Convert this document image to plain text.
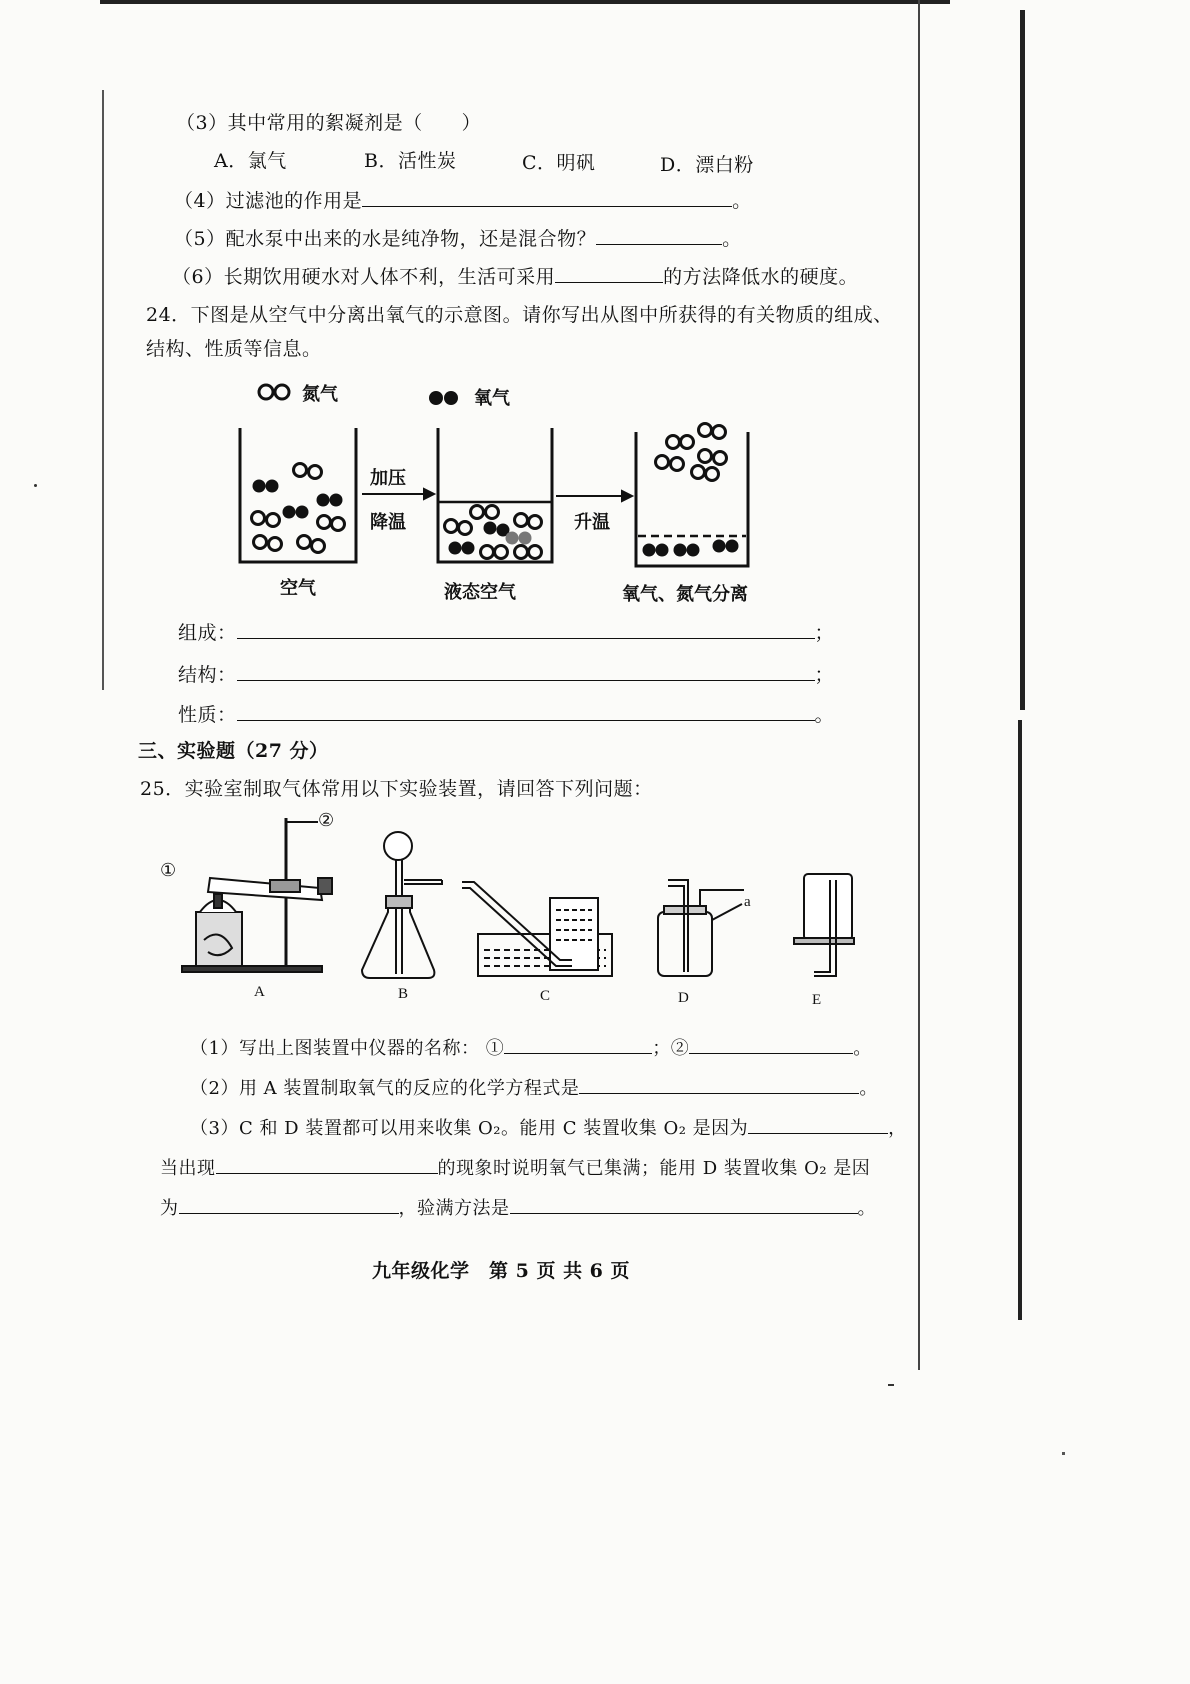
（3）其中常用的絮凝剂是（　　）
A．氯气	B．活性炭	C．明矾	D．漂白粉
（4）过滤池的作用是	。
（5）配水泵中出来的水是纯净物，还是混合物？	。
（6）长期饮用硬水对人体不利，生活可采用	的方法降低水的硬度。
24．下图是从空气中分离出氧气的示意图。请你写出从图中所获得的有关物质的组成、
结构、性质等信息。
氮气	氧气
加压
降温	升温
空气	液态空气	氧气、氮气分离
组成：	；
结构：	；
性质：	。
三、实验题（27 分）
25．实验室制取气体常用以下实验装置，请回答下列问题：
①
②
a
A	B	C	D	E
（1）写出上图装置中仪器的名称： ①	；②	。
（2）用 A 装置制取氧气的反应的化学方程式是	。
（3）C 和 D 装置都可以用来收集 O₂。能用 C 装置收集 O₂ 是因为	，
当出现	的现象时说明氧气已集满；能用 D 装置收集 O₂ 是因
为	，验满方法是	。
九年级化学　第 5 页 共 6 页
